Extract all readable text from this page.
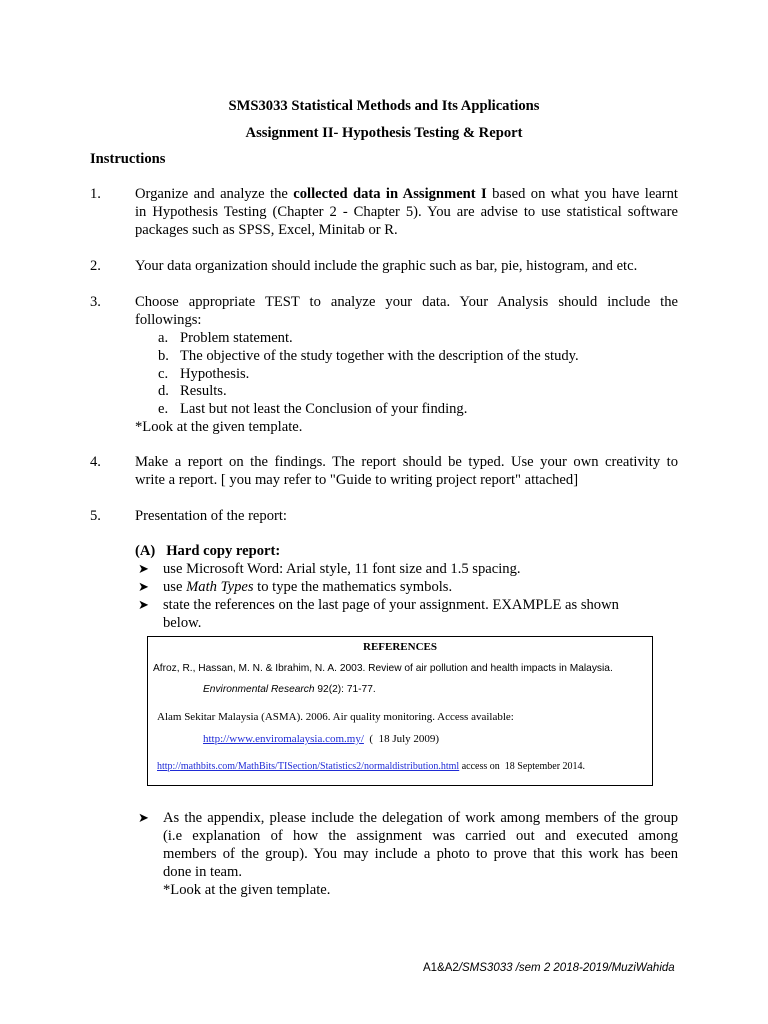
SMS3033 Statistical Methods and Its Applications
Assignment II- Hypothesis Testing & Report
Instructions
1. Organize and analyze the collected data in Assignment I based on what you have learnt
in Hypothesis Testing (Chapter 2 - Chapter 5). You are advise to use statistical software
packages such as SPSS, Excel, Minitab or R.
2. Your data organization should include the graphic such as bar, pie, histogram, and etc.
3. Choose appropriate TEST to analyze your data. Your Analysis should include the
followings:
a. Problem statement.
b. The objective of the study together with the description of the study.
c. Hypothesis.
d. Results.
e. Last but not least the Conclusion of your finding.
*Look at the given template.
4. Make a report on the findings. The report should be typed. Use your own creativity to
write a report. [ you may refer to "Guide to writing project report" attached]
5. Presentation of the report:
(A)   Hard copy report:
➤ use Microsoft Word: Arial style, 11 font size and 1.5 spacing.
➤ use Math Types to type the mathematics symbols.
➤ state the references on the last page of your assignment. EXAMPLE as shown
below.
REFERENCES
Afroz, R., Hassan, M. N. & Ibrahim, N. A. 2003. Review of air pollution and health impacts in Malaysia.
Environmental Research 92(2): 71-77.
Alam Sekitar Malaysia (ASMA). 2006. Air quality monitoring. Access available:
http://www.enviromalaysia.com.my/  (  18 July 2009)
http://mathbits.com/MathBits/TISection/Statistics2/normaldistribution.html access on  18 September 2014.
➤ As the appendix, please include the delegation of work among members of the group
(i.e explanation of how the assignment was carried out and executed among
members of the group). You may include a photo to prove that this work has been
done in team.
*Look at the given template.
A1&A2/SMS3033 /sem 2 2018-2019/MuziWahida
